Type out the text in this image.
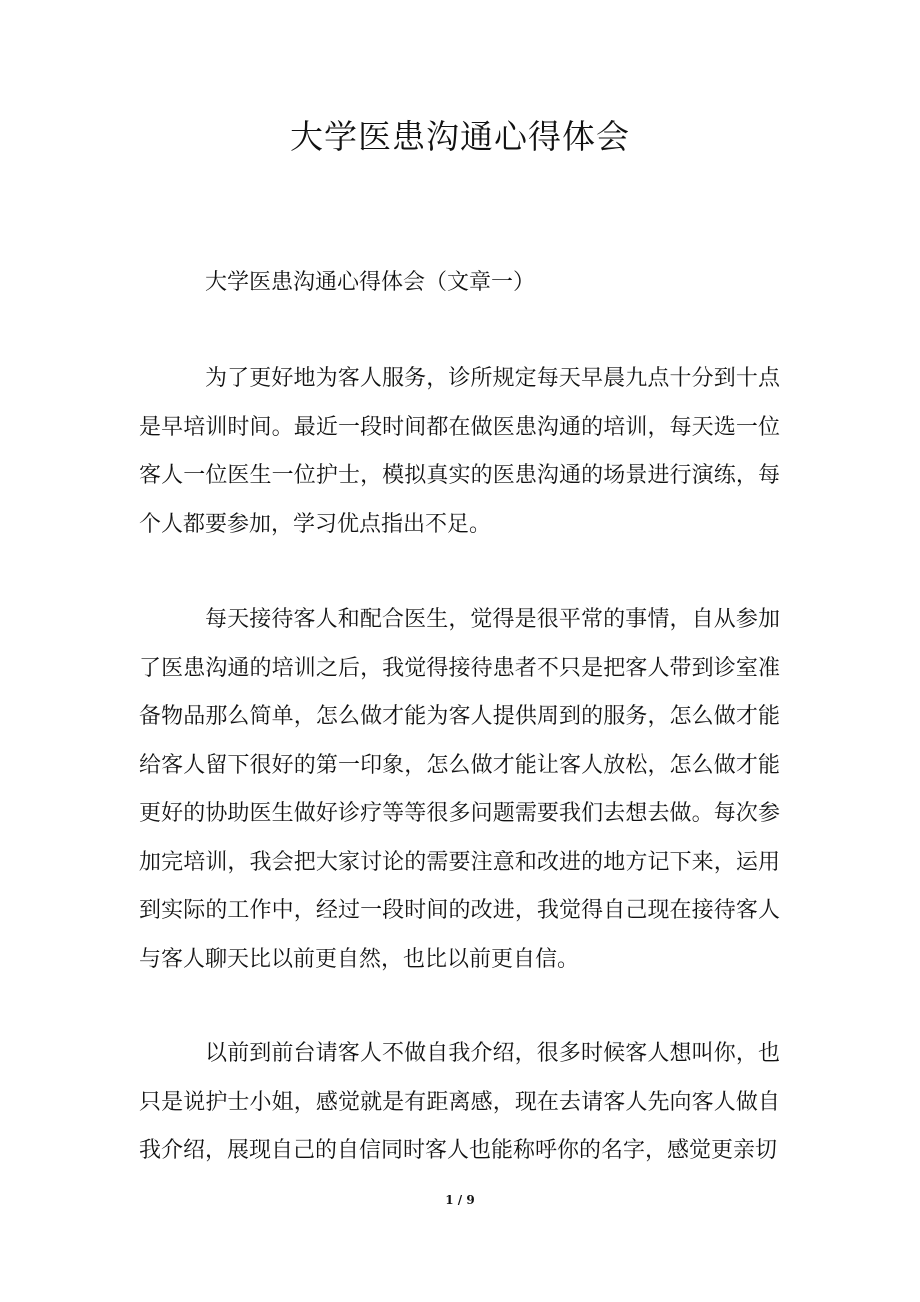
大学医患沟通心得体会

大学医患沟通心得体会（文章一）

为了更好地为客人服务，诊所规定每天早晨九点十分到十点是早培训时间。最近一段时间都在做医患沟通的培训，每天选一位客人一位医生一位护士，模拟真实的医患沟通的场景进行演练，每个人都要参加，学习优点指出不足。

每天接待客人和配合医生，觉得是很平常的事情，自从参加了医患沟通的培训之后，我觉得接待患者不只是把客人带到诊室准备物品那么简单，怎么做才能为客人提供周到的服务，怎么做才能给客人留下很好的第一印象，怎么做才能让客人放松，怎么做才能更好的协助医生做好诊疗等等很多问题需要我们去想去做。每次参加完培训，我会把大家讨论的需要注意和改进的地方记下来，运用到实际的工作中，经过一段时间的改进，我觉得自己现在接待客人与客人聊天比以前更自然，也比以前更自信。

以前到前台请客人不做自我介绍，很多时候客人想叫你，也只是说护士小姐，感觉就是有距离感，现在去请客人先向客人做自我介绍，展现自己的自信同时客人也能称呼你的名字，感觉更亲切

1 / 9
